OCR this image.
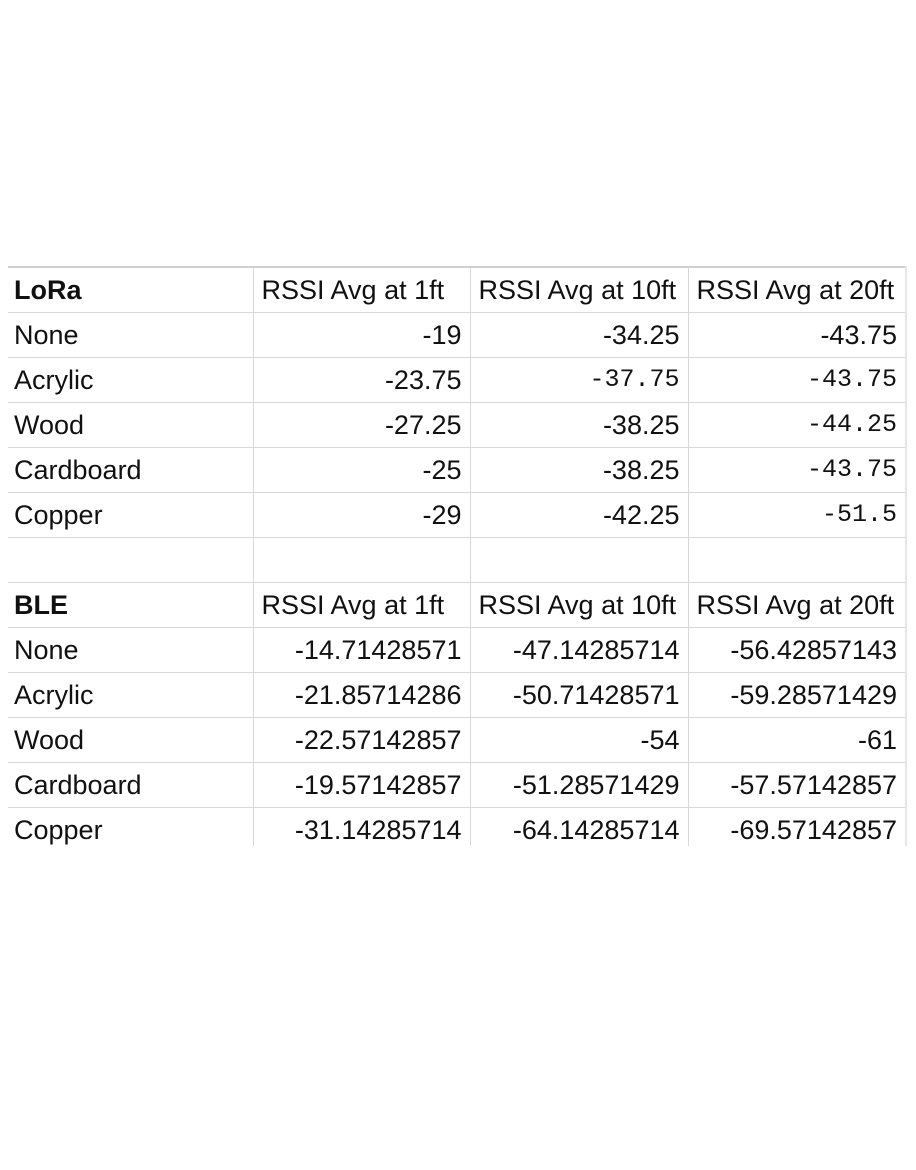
LoRa	RSSI Avg at 1ft	RSSI Avg at 10ft	RSSI Avg at 20ft
None	-19	-34.25	-43.75
Acrylic	-23.75	-37.75	-43.75
Wood	-27.25	-38.25	-44.25
Cardboard	-25	-38.25	-43.75
Copper	-29	-42.25	-51.5

BLE	RSSI Avg at 1ft	RSSI Avg at 10ft	RSSI Avg at 20ft
None	-14.71428571	-47.14285714	-56.42857143
Acrylic	-21.85714286	-50.71428571	-59.28571429
Wood	-22.57142857	-54	-61
Cardboard	-19.57142857	-51.28571429	-57.57142857
Copper	-31.14285714	-64.14285714	-69.57142857
